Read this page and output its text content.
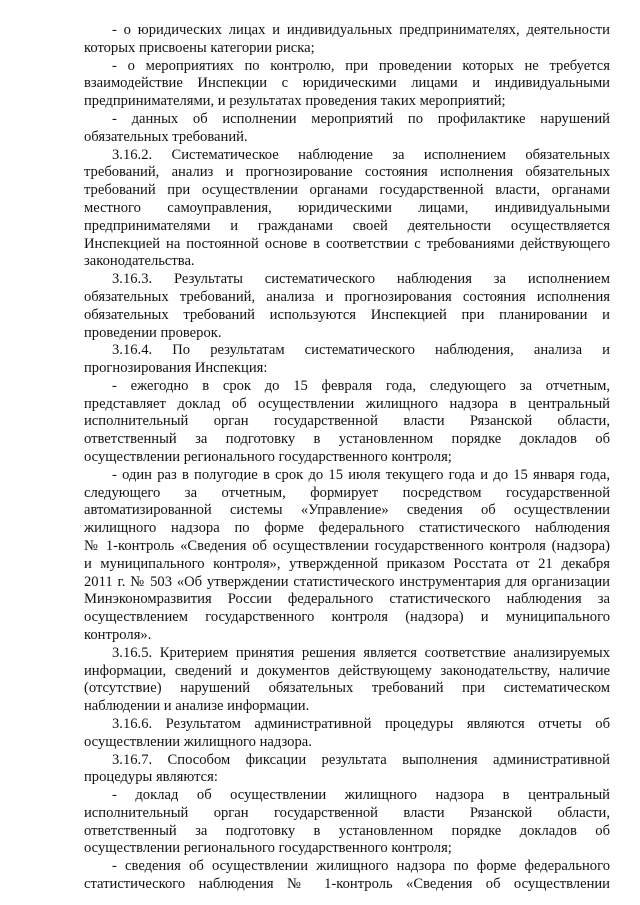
- о юридических лицах и индивидуальных предпринимателях, деятельности
которых присвоены категории риска;
- о мероприятиях по контролю, при проведении которых не требуется
взаимодействие Инспекции с юридическими лицами и индивидуальными
предпринимателями, и результатах проведения таких мероприятий;
- данных об исполнении мероприятий по профилактике нарушений
обязательных требований.
3.16.2. Систематическое наблюдение за исполнением обязательных
требований, анализ и прогнозирование состояния исполнения обязательных
требований при осуществлении органами государственной власти, органами
местного самоуправления, юридическими лицами, индивидуальными
предпринимателями и гражданами своей деятельности осуществляется
Инспекцией на постоянной основе в соответствии с требованиями действующего
законодательства.
3.16.3. Результаты систематического наблюдения за исполнением
обязательных требований, анализа и прогнозирования состояния исполнения
обязательных требований используются Инспекцией при планировании и
проведении проверок.
3.16.4. По результатам систематического наблюдения, анализа и
прогнозирования Инспекция:
- ежегодно в срок до 15 февраля года, следующего за отчетным,
представляет доклад об осуществлении жилищного надзора в центральный
исполнительный орган государственной власти Рязанской области,
ответственный за подготовку в установленном порядке докладов об
осуществлении регионального государственного контроля;
- один раз в полугодие в срок до 15 июля текущего года и до 15 января года,
следующего за отчетным, формирует посредством государственной
автоматизированной системы «Управление» сведения об осуществлении
жилищного надзора по форме федерального статистического наблюдения
№ 1-контроль «Сведения об осуществлении государственного контроля (надзора)
и муниципального контроля», утвержденной приказом Росстата от 21 декабря
2011 г. № 503 «Об утверждении статистического инструментария для организации
Минэкономразвития России федерального статистического наблюдения за
осуществлением государственного контроля (надзора) и муниципального
контроля».
3.16.5. Критерием принятия решения является соответствие анализируемых
информации, сведений и документов действующему законодательству, наличие
(отсутствие) нарушений обязательных требований при систематическом
наблюдении и анализе информации.
3.16.6. Результатом административной процедуры являются отчеты об
осуществлении жилищного надзора.
3.16.7. Способом фиксации результата выполнения административной
процедуры являются:
- доклад об осуществлении жилищного надзора в центральный
исполнительный орган государственной власти Рязанской области,
ответственный за подготовку в установленном порядке докладов об
осуществлении регионального государственного контроля;
- сведения об осуществлении жилищного надзора по форме федерального
статистического наблюдения № 1-контроль «Сведения об осуществлении
